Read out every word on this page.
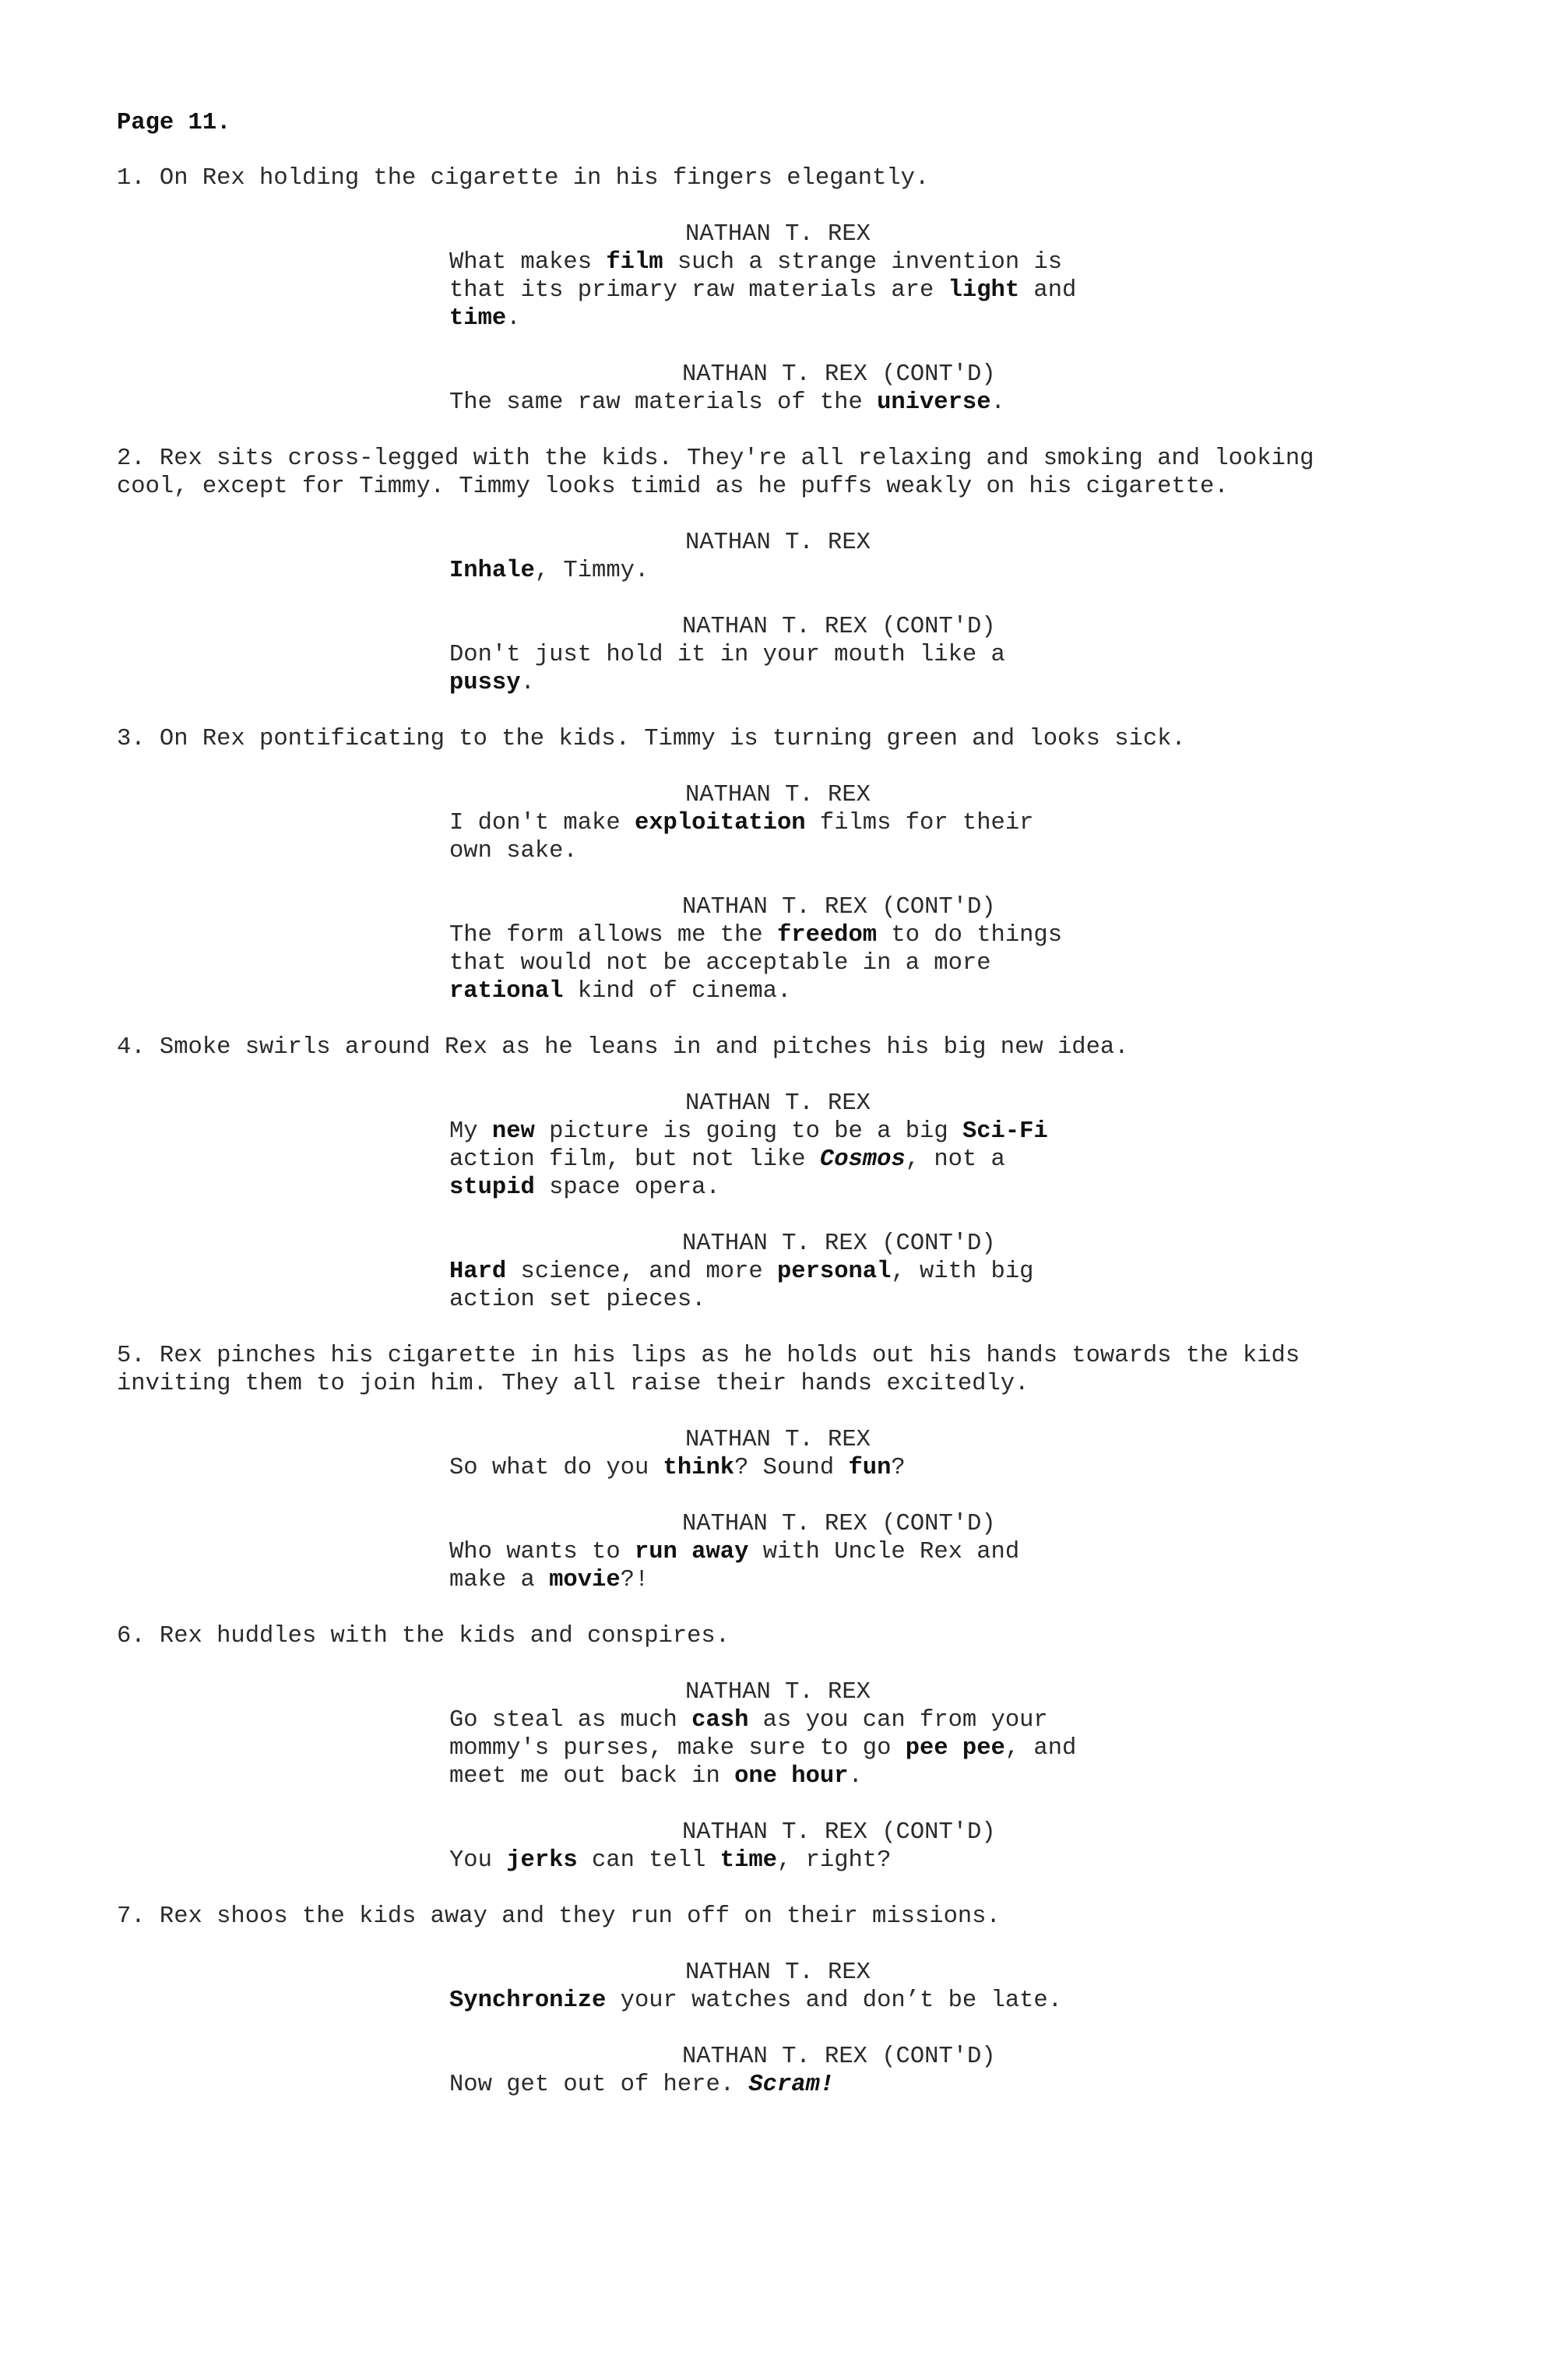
Page 11.
1. On Rex holding the cigarette in his fingers elegantly.
NATHAN T. REX
What makes film such a strange invention is
that its primary raw materials are light and
time.
NATHAN T. REX (CONT'D)
The same raw materials of the universe.
2. Rex sits cross-legged with the kids. They're all relaxing and smoking and looking
cool, except for Timmy. Timmy looks timid as he puffs weakly on his cigarette.
NATHAN T. REX
Inhale, Timmy.
NATHAN T. REX (CONT'D)
Don't just hold it in your mouth like a
pussy.
3. On Rex pontificating to the kids. Timmy is turning green and looks sick.
NATHAN T. REX
I don't make exploitation films for their
own sake.
NATHAN T. REX (CONT'D)
The form allows me the freedom to do things
that would not be acceptable in a more
rational kind of cinema.
4. Smoke swirls around Rex as he leans in and pitches his big new idea.
NATHAN T. REX
My new picture is going to be a big Sci-Fi
action film, but not like Cosmos, not a
stupid space opera.
NATHAN T. REX (CONT'D)
Hard science, and more personal, with big
action set pieces.
5. Rex pinches his cigarette in his lips as he holds out his hands towards the kids
inviting them to join him. They all raise their hands excitedly.
NATHAN T. REX
So what do you think? Sound fun?
NATHAN T. REX (CONT'D)
Who wants to run away with Uncle Rex and
make a movie?!
6. Rex huddles with the kids and conspires.
NATHAN T. REX
Go steal as much cash as you can from your
mommy's purses, make sure to go pee pee, and
meet me out back in one hour.
NATHAN T. REX (CONT'D)
You jerks can tell time, right?
7. Rex shoos the kids away and they run off on their missions.
NATHAN T. REX
Synchronize your watches and don’t be late.
NATHAN T. REX (CONT'D)
Now get out of here. Scram!
